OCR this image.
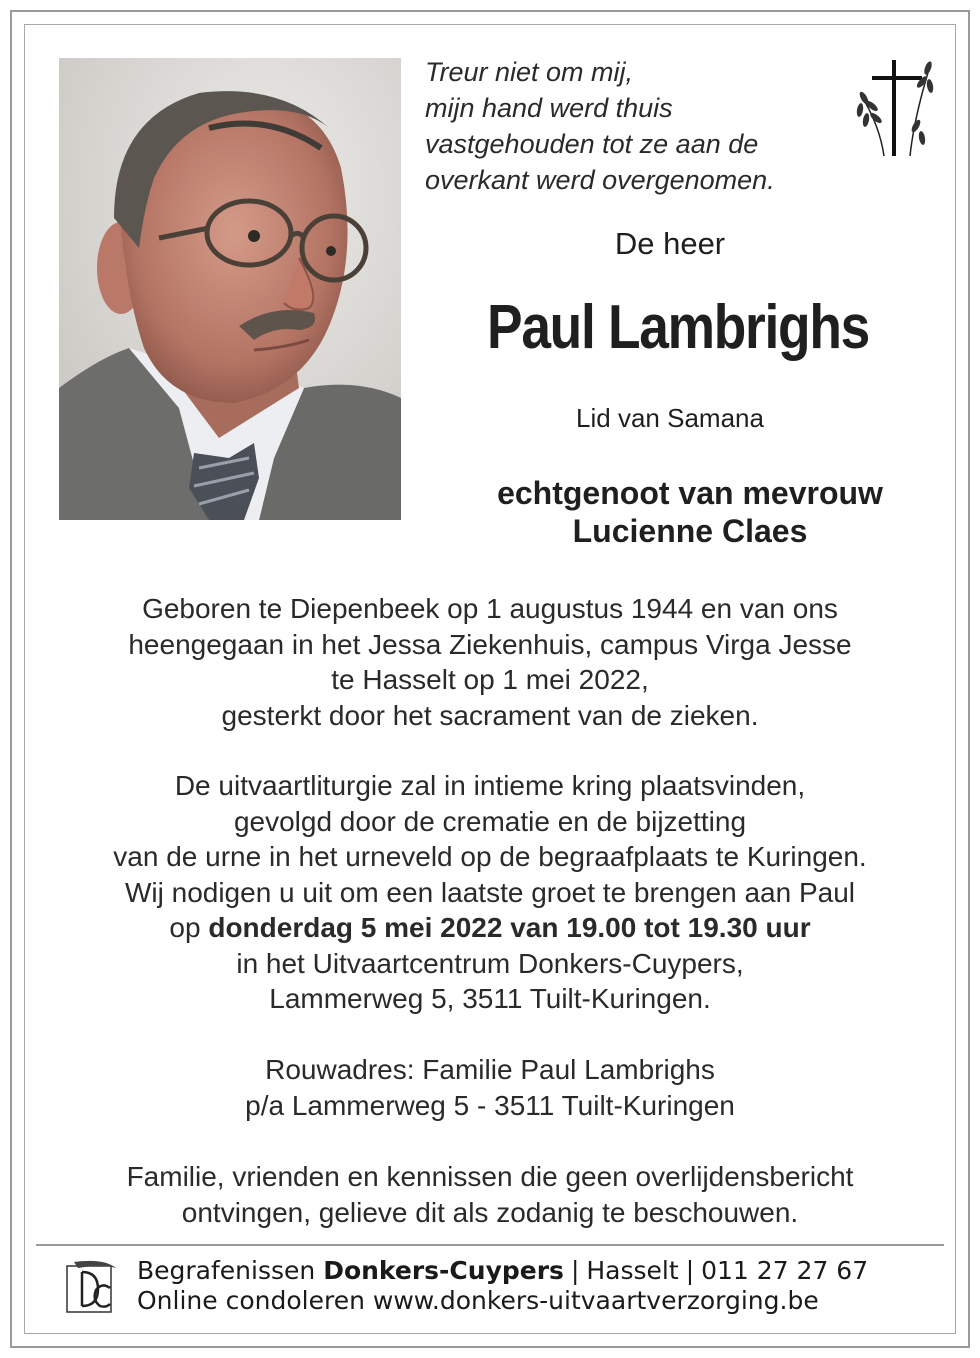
Treur niet om mij,
mijn hand werd thuis
vastgehouden tot ze aan de
overkant werd overgenomen.
De heer
Paul Lambrighs
Lid van Samana
echtgenoot van mevrouw
Lucienne Claes
Geboren te Diepenbeek op 1 augustus 1944 en van ons
heengegaan in het Jessa Ziekenhuis, campus Virga Jesse
te Hasselt op 1 mei 2022,
gesterkt door het sacrament van de zieken.
De uitvaartliturgie zal in intieme kring plaatsvinden,
gevolgd door de crematie en de bijzetting
van de urne in het urneveld op de begraafplaats te Kuringen.
Wij nodigen u uit om een laatste groet te brengen aan Paul
op donderdag 5 mei 2022 van 19.00 tot 19.30 uur
in het Uitvaartcentrum Donkers-Cuypers,
Lammerweg 5, 3511 Tuilt-Kuringen.
Rouwadres: Familie Paul Lambrighs
p/a Lammerweg 5 - 3511 Tuilt-Kuringen
Familie, vrienden en kennissen die geen overlijdensbericht
ontvingen, gelieve dit als zodanig te beschouwen.
Begrafenissen Donkers-Cuypers | Hasselt | 011 27 27 67
Online condoleren www.donkers-uitvaartverzorging.be
